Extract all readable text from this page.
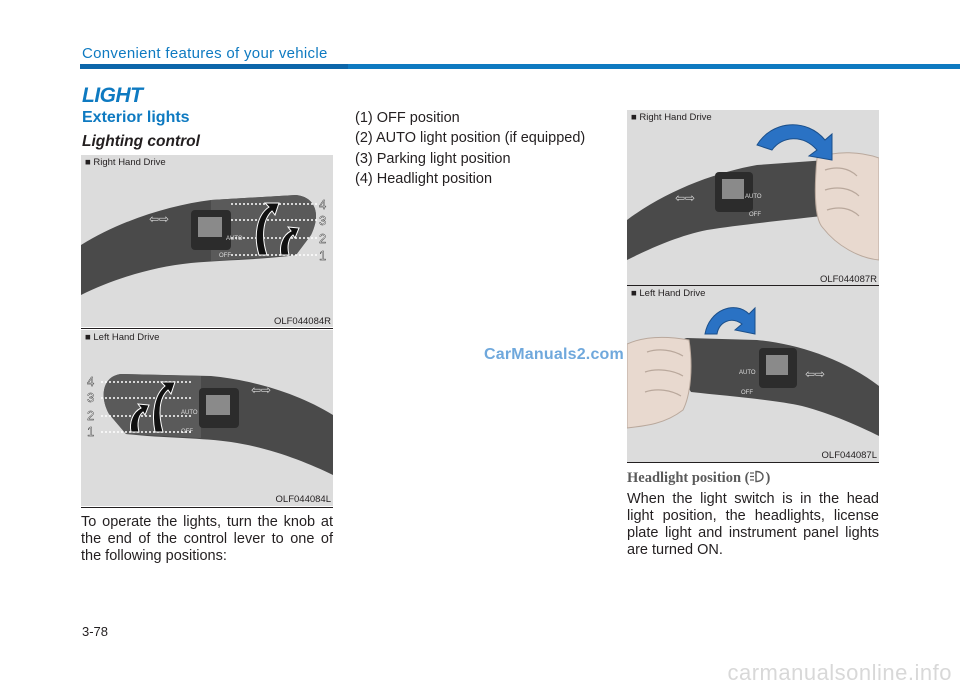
Convenient features of your vehicle
LIGHT
Exterior lights
Lighting control
■ Right Hand Drive
AUTO
OFF
4
3
2
1
⇦⇨
OLF044084R
■ Left Hand Drive
AUTO
OFF
4
3
2
1
⇦⇨
OLF044084L
To operate the lights, turn the knob at the end of the control lever to one of the following positions:
(1) OFF position
(2) AUTO light position (if equipped)
(3) Parking light position
(4) Headlight position
CarManuals2.com
■ Right Hand Drive
AUTO
OFF
⇦⇨
OLF044087R
■ Left Hand Drive
AUTO
OFF
⇦⇨
OLF044087L
Headlight position ( )
When the light switch is in the head light position, the headlights, license plate light and instrument panel lights are turned ON.
3-78
carmanualsonline.info
